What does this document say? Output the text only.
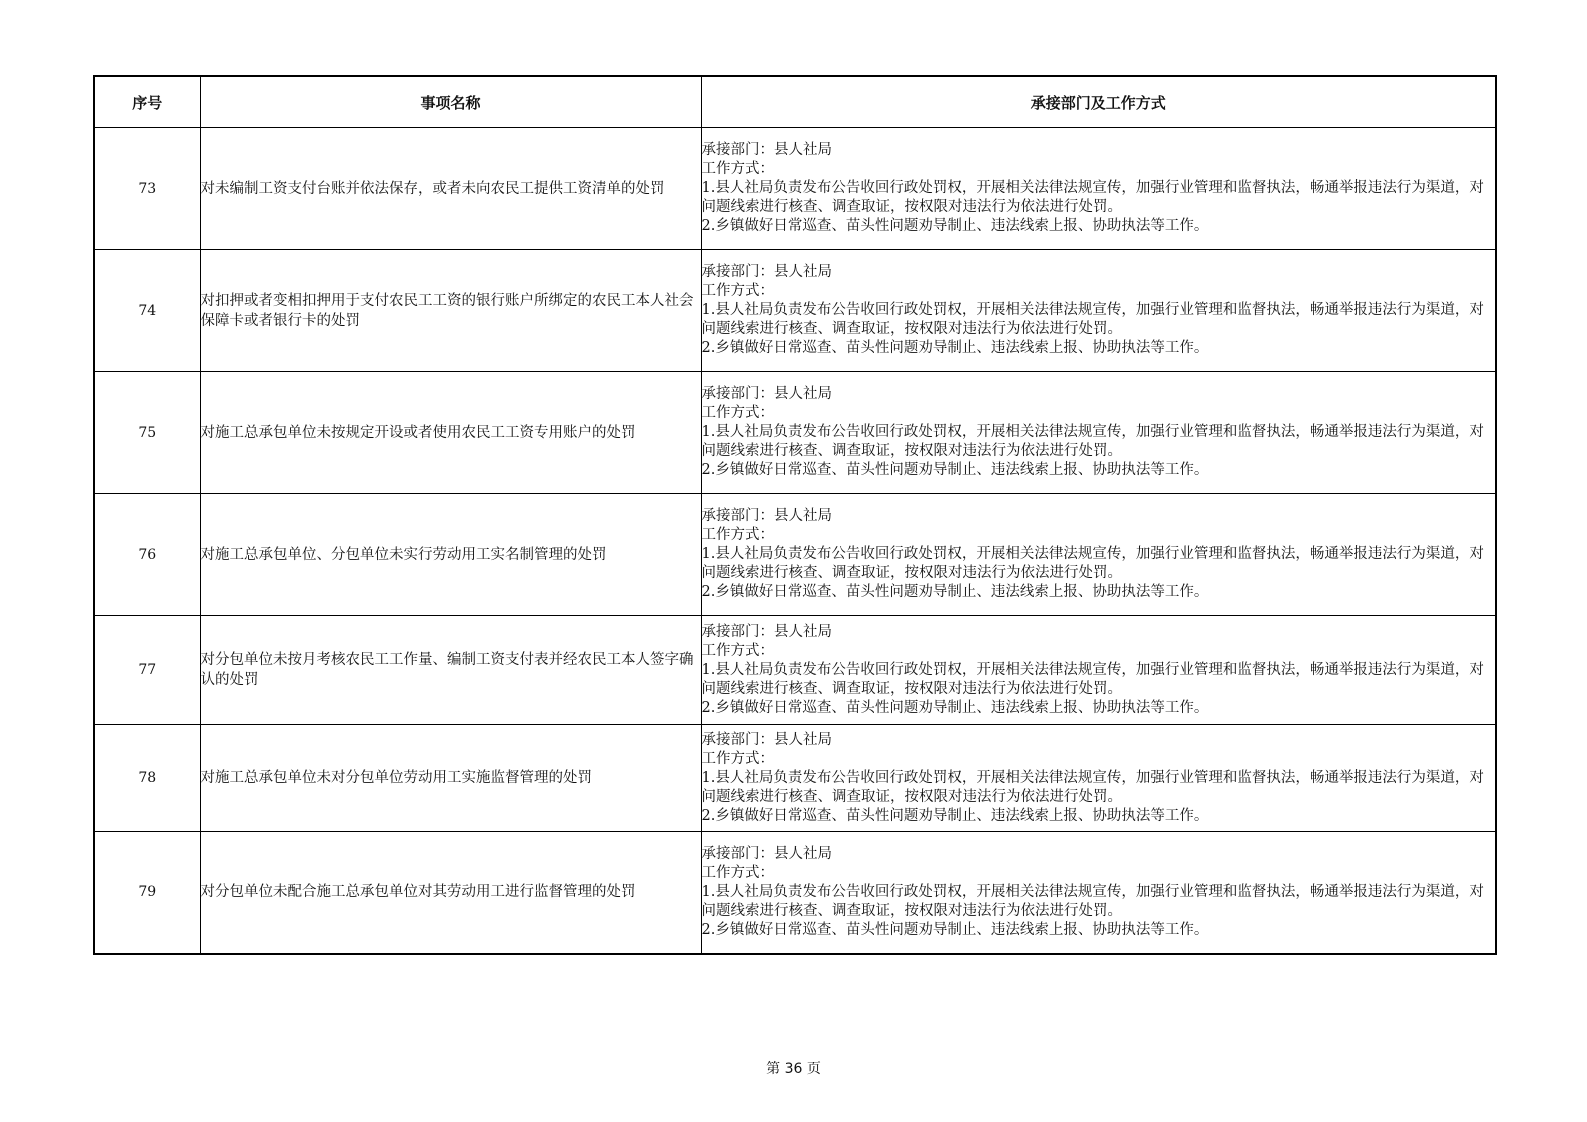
序号	事项名称	承接部门及工作方式
73	对未编制工资支付台账并依法保存，或者未向农民工提供工资清单的处罚	承接部门：县人社局
工作方式：
1.县人社局负责发布公告收回行政处罚权，开展相关法律法规宣传，加强行业管理和监督执法，畅通举报违法行为渠道，对问题线索进行核查、调查取证，按权限对违法行为依法进行处罚。
2.乡镇做好日常巡查、苗头性问题劝导制止、违法线索上报、协助执法等工作。

74	对扣押或者变相扣押用于支付农民工工资的银行账户所绑定的农民工本人社会保障卡或者银行卡的处罚	承接部门：县人社局
工作方式：
1.县人社局负责发布公告收回行政处罚权，开展相关法律法规宣传，加强行业管理和监督执法，畅通举报违法行为渠道，对问题线索进行核查、调查取证，按权限对违法行为依法进行处罚。
2.乡镇做好日常巡查、苗头性问题劝导制止、违法线索上报、协助执法等工作。

75	对施工总承包单位未按规定开设或者使用农民工工资专用账户的处罚	承接部门：县人社局
工作方式：
1.县人社局负责发布公告收回行政处罚权，开展相关法律法规宣传，加强行业管理和监督执法，畅通举报违法行为渠道，对问题线索进行核查、调查取证，按权限对违法行为依法进行处罚。
2.乡镇做好日常巡查、苗头性问题劝导制止、违法线索上报、协助执法等工作。

76	对施工总承包单位、分包单位未实行劳动用工实名制管理的处罚	承接部门：县人社局
工作方式：
1.县人社局负责发布公告收回行政处罚权，开展相关法律法规宣传，加强行业管理和监督执法，畅通举报违法行为渠道，对问题线索进行核查、调查取证，按权限对违法行为依法进行处罚。
2.乡镇做好日常巡查、苗头性问题劝导制止、违法线索上报、协助执法等工作。

77	对分包单位未按月考核农民工工作量、编制工资支付表并经农民工本人签字确认的处罚	承接部门：县人社局
工作方式：
1.县人社局负责发布公告收回行政处罚权，开展相关法律法规宣传，加强行业管理和监督执法，畅通举报违法行为渠道，对问题线索进行核查、调查取证，按权限对违法行为依法进行处罚。
2.乡镇做好日常巡查、苗头性问题劝导制止、违法线索上报、协助执法等工作。

78	对施工总承包单位未对分包单位劳动用工实施监督管理的处罚	承接部门：县人社局
工作方式：
1.县人社局负责发布公告收回行政处罚权，开展相关法律法规宣传，加强行业管理和监督执法，畅通举报违法行为渠道，对问题线索进行核查、调查取证，按权限对违法行为依法进行处罚。
2.乡镇做好日常巡查、苗头性问题劝导制止、违法线索上报、协助执法等工作。

79	对分包单位未配合施工总承包单位对其劳动用工进行监督管理的处罚	承接部门：县人社局
工作方式：
1.县人社局负责发布公告收回行政处罚权，开展相关法律法规宣传，加强行业管理和监督执法，畅通举报违法行为渠道，对问题线索进行核查、调查取证，按权限对违法行为依法进行处罚。
2.乡镇做好日常巡查、苗头性问题劝导制止、违法线索上报、协助执法等工作。
第 36 页
